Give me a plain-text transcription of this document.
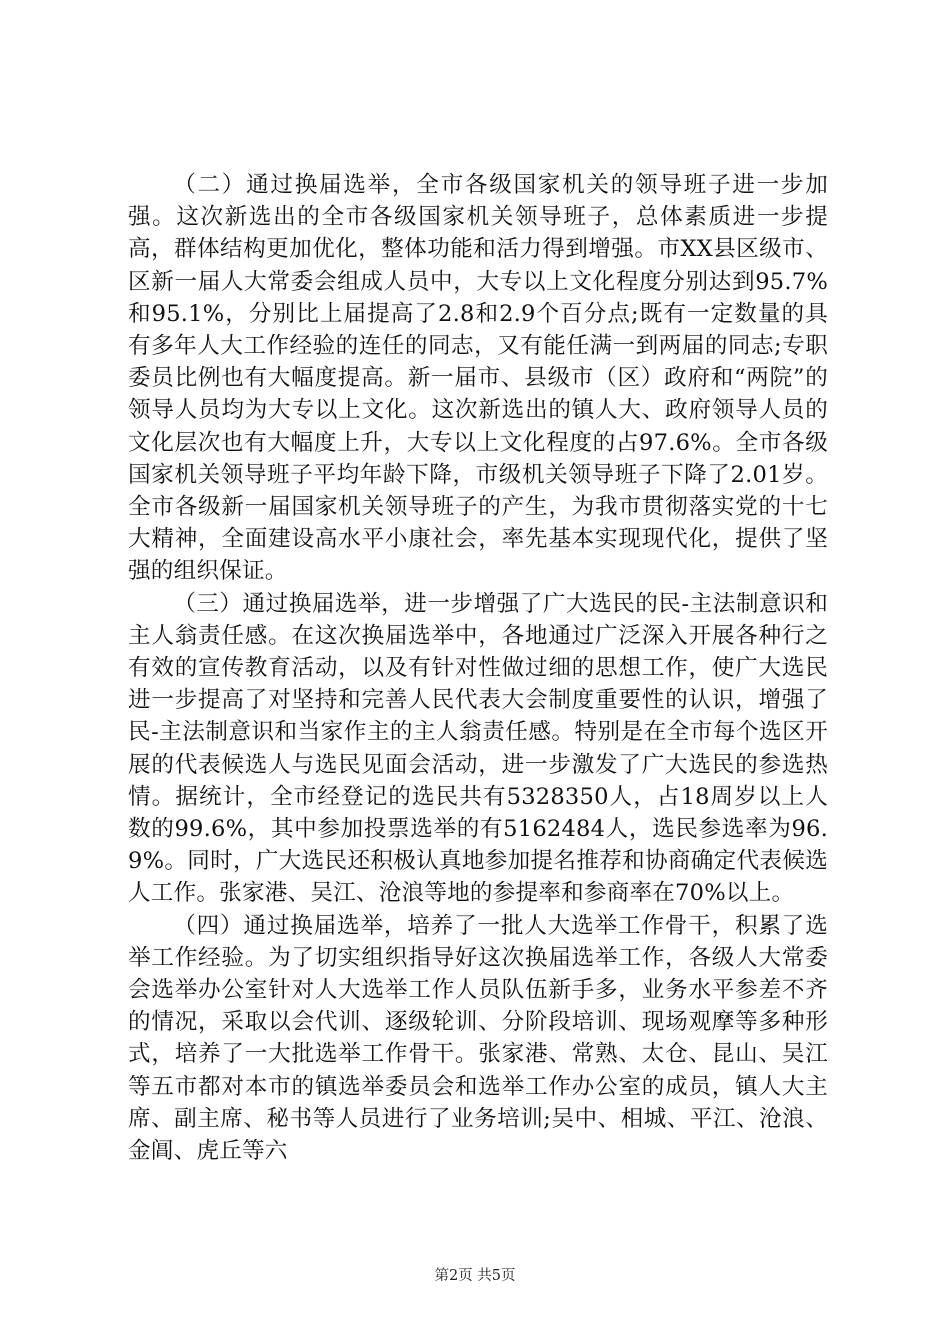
（二）通过换届选举，全市各级国家机关的领导班子进一步加强。这次新选出的全市各级国家机关领导班子，总体素质进一步提高，群体结构更加优化，整体功能和活力得到增强。市XX县区级市、区新一届人大常委会组成人员中，大专以上文化程度分别达到95.7%和95.1%，分别比上届提高了2.8和2.9个百分点;既有一定数量的具有多年人大工作经验的连任的同志，又有能任满一到两届的同志;专职委员比例也有大幅度提高。新一届市、县级市（区）政府和“两院”的领导人员均为大专以上文化。这次新选出的镇人大、政府领导人员的文化层次也有大幅度上升，大专以上文化程度的占97.6%。全市各级国家机关领导班子平均年龄下降，市级机关领导班子下降了2.01岁。全市各级新一届国家机关领导班子的产生，为我市贯彻落实党的十七大精神，全面建设高水平小康社会，率先基本实现现代化，提供了坚强的组织保证。

（三）通过换届选举，进一步增强了广大选民的民-主法制意识和主人翁责任感。在这次换届选举中，各地通过广泛深入开展各种行之有效的宣传教育活动，以及有针对性做过细的思想工作，使广大选民进一步提高了对坚持和完善人民代表大会制度重要性的认识，增强了民-主法制意识和当家作主的主人翁责任感。特别是在全市每个选区开展的代表候选人与选民见面会活动，进一步激发了广大选民的参选热情。据统计，全市经登记的选民共有5328350人，占18周岁以上人数的99.6%，其中参加投票选举的有5162484人，选民参选率为96.9%。同时，广大选民还积极认真地参加提名推荐和协商确定代表候选人工作。张家港、吴江、沧浪等地的参提率和参商率在70%以上。

（四）通过换届选举，培养了一批人大选举工作骨干，积累了选举工作经验。为了切实组织指导好这次换届选举工作，各级人大常委会选举办公室针对人大选举工作人员队伍新手多，业务水平参差不齐的情况，采取以会代训、逐级轮训、分阶段培训、现场观摩等多种形式，培养了一大批选举工作骨干。张家港、常熟、太仓、昆山、吴江等五市都对本市的镇选举委员会和选举工作办公室的成员，镇人大主席、副主席、秘书等人员进行了业务培训;吴中、相城、平江、沧浪、金阊、虎丘等六

第2页 共5页
